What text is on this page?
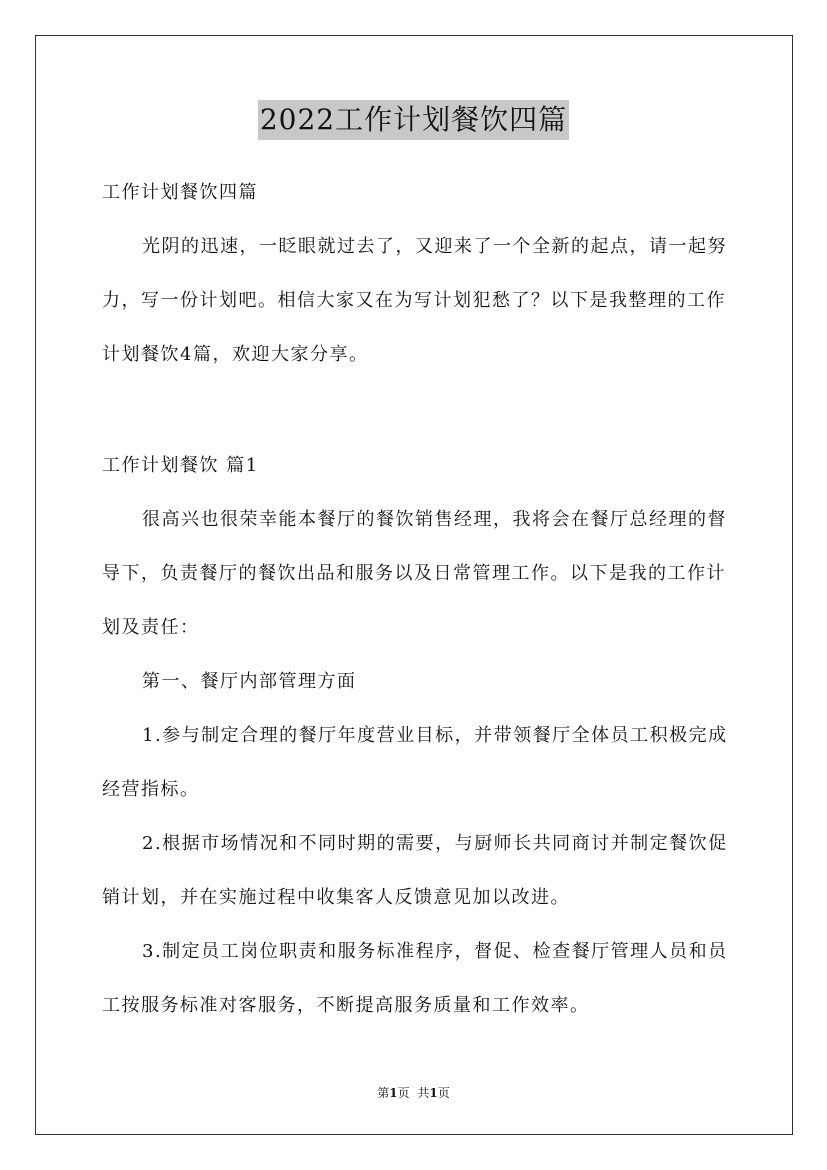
2022工作计划餐饮四篇

工作计划餐饮四篇

光阴的迅速，一眨眼就过去了，又迎来了一个全新的起点，请一起努力，写一份计划吧。相信大家又在为写计划犯愁了？以下是我整理的工作计划餐饮4篇，欢迎大家分享。

工作计划餐饮 篇1

很高兴也很荣幸能本餐厅的餐饮销售经理，我将会在餐厅总经理的督导下，负责餐厅的餐饮出品和服务以及日常管理工作。以下是我的工作计划及责任：

第一、餐厅内部管理方面

1.参与制定合理的餐厅年度营业目标，并带领餐厅全体员工积极完成经营指标。

2.根据市场情况和不同时期的需要，与厨师长共同商讨并制定餐饮促销计划，并在实施过程中收集客人反馈意见加以改进。

3.制定员工岗位职责和服务标准程序，督促、检查餐厅管理人员和员工按服务标准对客服务，不断提高服务质量和工作效率。

第1页 共1页
